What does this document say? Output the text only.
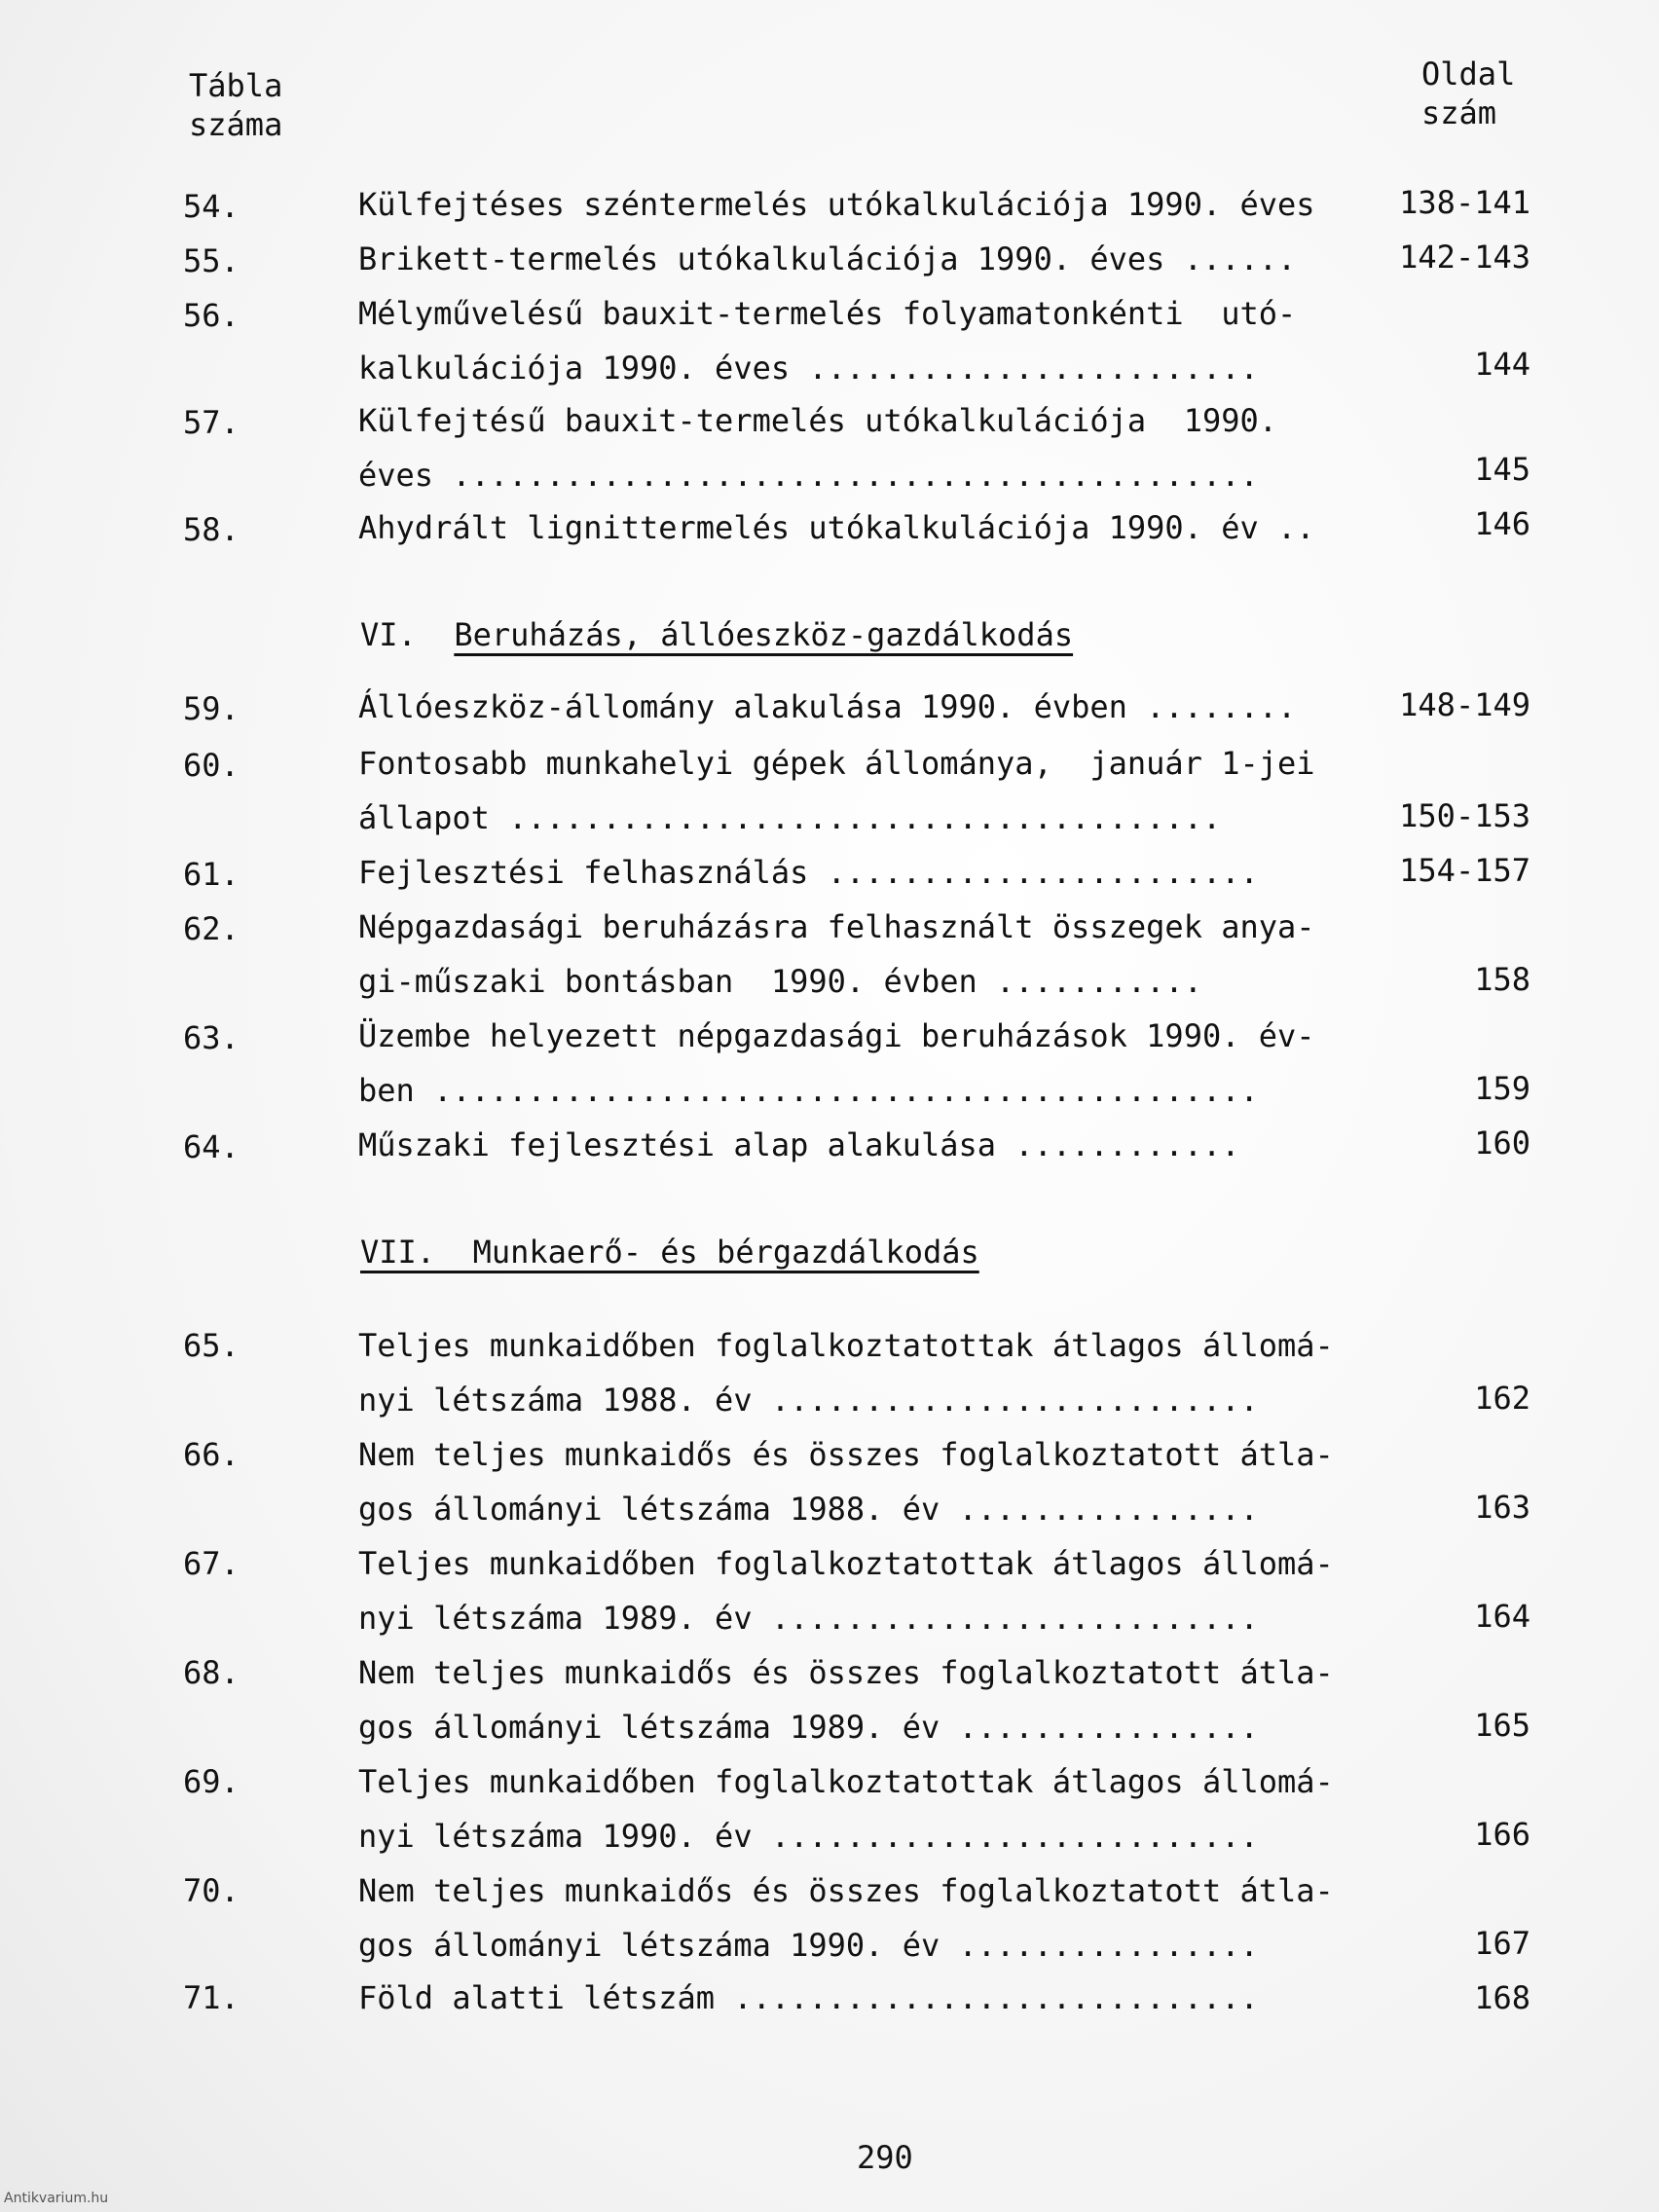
Tábla
száma
Oldal
szám
54.	Külfejtéses széntermelés utókalkulációja 1990. éves	138-141
55.	Brikett-termelés utókalkulációja 1990. éves ......	142-143
56.	Mélyművelésű bauxit-termelés folyamatonkénti  utó-
kalkulációja 1990. éves ........................	144
57.	Külfejtésű bauxit-termelés utókalkulációja  1990.
éves ...........................................	145
58.	Ahydrált lignittermelés utókalkulációja 1990. év ..	146
VI. Beruházás, állóeszköz-gazdálkodás
59.	Állóeszköz-állomány alakulása 1990. évben ........	148-149
60.	Fontosabb munkahelyi gépek állománya,  január 1-jei
állapot ......................................	150-153
61.	Fejlesztési felhasználás .......................	154-157
62.	Népgazdasági beruházásra felhasznált összegek anya-
gi-műszaki bontásban  1990. évben ...........	158
63.	Üzembe helyezett népgazdasági beruházások 1990. év-
ben ............................................	159
64.	Műszaki fejlesztési alap alakulása ............	160
VII.  Munkaerő- és bérgazdálkodás
65.	Teljes munkaidőben foglalkoztatottak átlagos állomá-
nyi létszáma 1988. év ..........................	162
66.	Nem teljes munkaidős és összes foglalkoztatott átla-
gos állományi létszáma 1988. év ................	163
67.	Teljes munkaidőben foglalkoztatottak átlagos állomá-
nyi létszáma 1989. év ..........................	164
68.	Nem teljes munkaidős és összes foglalkoztatott átla-
gos állományi létszáma 1989. év ................	165
69.	Teljes munkaidőben foglalkoztatottak átlagos állomá-
nyi létszáma 1990. év ..........................	166
70.	Nem teljes munkaidős és összes foglalkoztatott átla-
gos állományi létszáma 1990. év ................	167
71.	Föld alatti létszám ............................	168
290
Antikvarium.hu
